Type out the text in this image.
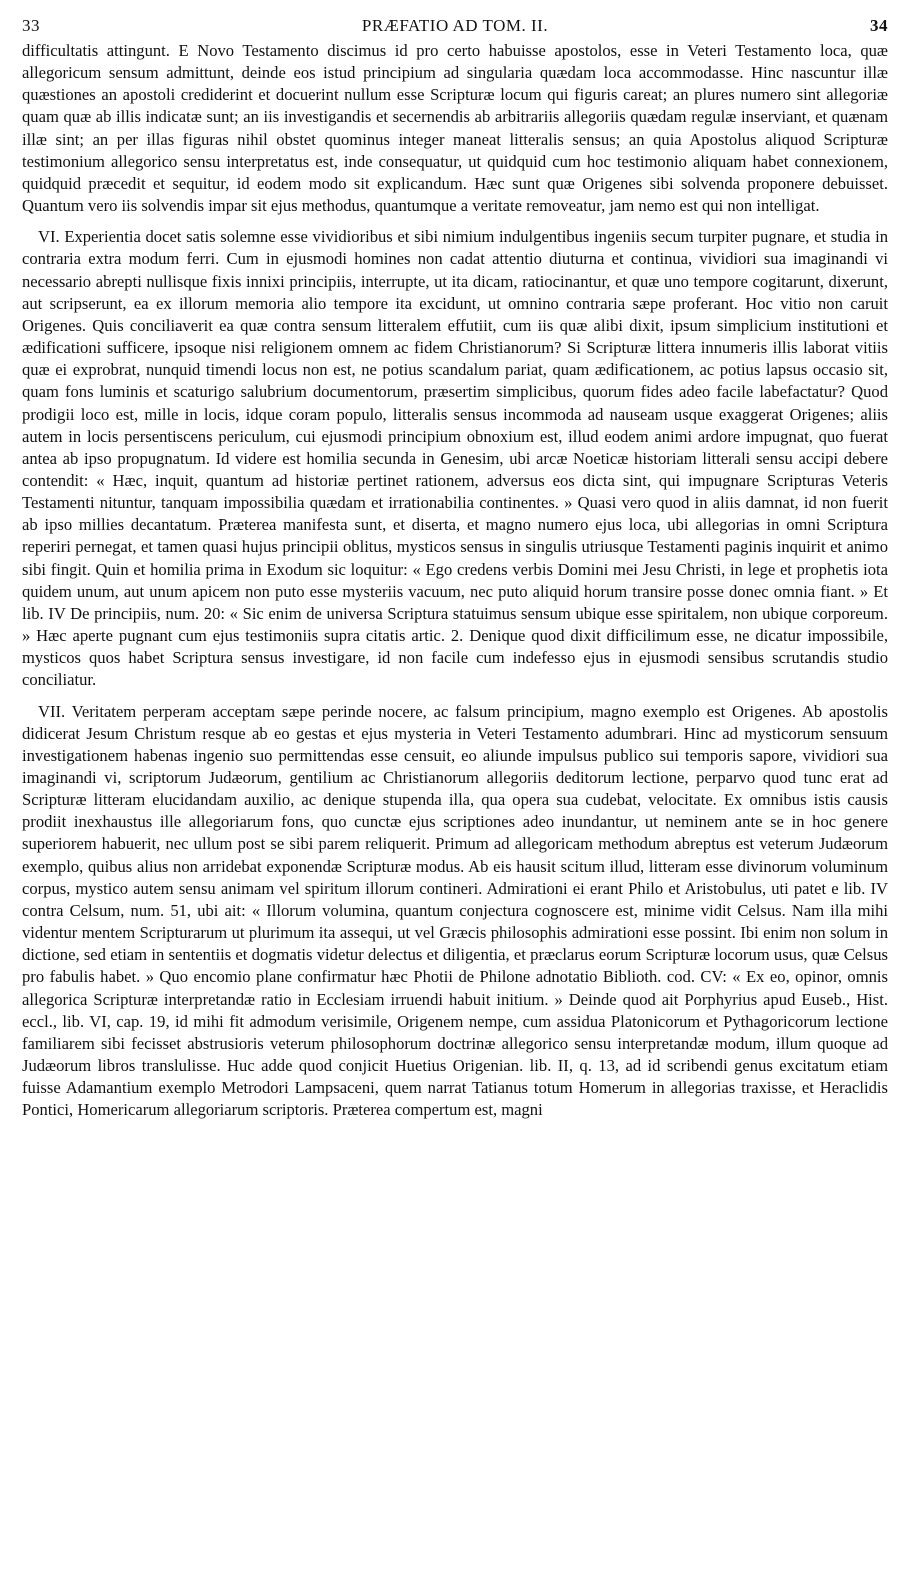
33	PRÆFATIO AD TOM. II.	34

difficultatis attingunt. E Novo Testamento discimus id pro certo habuisse apostolos, esse in Veteri Testamento loca, quæ allegoricum sensum admittunt, deinde eos istud principium ad singularia quædam loca accommodasse. Hinc nascuntur illæ quæstiones an apostoli crediderint et docuerint nullum esse Scripturæ locum qui figuris careat; an plures numero sint allegoriæ quam quæ ab illis indicatæ sunt; an iis investigandis et secernendis ab arbitrariis allegoriis quædam regulæ inserviant, et quænam illæ sint; an per illas figuras nihil obstet quominus integer maneat litteralis sensus; an quia Apostolus aliquod Scripturæ testimonium allegorico sensu interpretatus est, inde consequatur, ut quidquid cum hoc testimonio aliquam habet connexionem, quidquid præcedit et sequitur, id eodem modo sit explicandum. Hæc sunt quæ Origenes sibi solvenda proponere debuisset. Quantum vero iis solvendis impar sit ejus methodus, quantumque a veritate removeatur, jam nemo est qui non intelligat.

VI. Experientia docet satis solemne esse vividioribus et sibi nimium indulgentibus ingeniis secum turpiter pugnare, et studia in contraria extra modum ferri. Cum in ejusmodi homines non cadat attentio diuturna et continua, vividiori sua imaginandi vi necessario abrepti nullisque fixis innixi principiis, interrupte, ut ita dicam, ratiocinantur, et quæ uno tempore cogitarunt, dixerunt, aut scripserunt, ea ex illorum memoria alio tempore ita excidunt, ut omnino contraria sæpe proferant. Hoc vitio non caruit Origenes. Quis conciliaverit ea quæ contra sensum litteralem effutiit, cum iis quæ alibi dixit, ipsum simplicium institutioni et ædificationi sufficere, ipsoque nisi religionem omnem ac fidem Christianorum? Si Scripturæ littera innumeris illis laborat vitiis quæ ei exprobrat, nunquid timendi locus non est, ne potius scandalum pariat, quam ædificationem, ac potius lapsus occasio sit, quam fons luminis et scaturigo salubrium documentorum, præsertim simplicibus, quorum fides adeo facile labefactatur? Quod prodigii loco est, mille in locis, idque coram populo, litteralis sensus incommoda ad nauseam usque exaggerat Origenes; aliis autem in locis persentiscens periculum, cui ejusmodi principium obnoxium est, illud eodem animi ardore impugnat, quo fuerat antea ab ipso propugnatum. Id videre est homilia secunda in Genesim, ubi arcæ Noeticæ historiam litterali sensu accipi debere contendit: « Hæc, inquit, quantum ad historiæ pertinet rationem, adversus eos dicta sint, qui impugnare Scripturas Veteris Testamenti nituntur, tanquam impossibilia quædam et irrationabilia continentes. » Quasi vero quod in aliis damnat, id non fuerit ab ipso millies decantatum. Præterea manifesta sunt, et diserta, et magno numero ejus loca, ubi allegorias in omni Scriptura reperiri pernegat, et tamen quasi hujus principii oblitus, mysticos sensus in singulis utriusque Testamenti paginis inquirit et animo sibi fingit. Quin et homilia prima in Exodum sic loquitur: « Ego credens verbis Domini mei Jesu Christi, in lege et prophetis iota quidem unum, aut unum apicem non puto esse mysteriis vacuum, nec puto aliquid horum transire posse donec omnia fiant. » Et lib. IV De principiis, num. 20: « Sic enim de universa Scriptura statuimus sensum ubique esse spiritalem, non ubique corporeum. » Hæc aperte pugnant cum ejus testimoniis supra citatis artic. 2. Denique quod dixit difficilimum esse, ne dicatur impossibile, mysticos quos habet Scriptura sensus investigare, id non facile cum indefesso ejus in ejusmodi sensibus scrutandis studio conciliatur.

VII. Veritatem perperam acceptam sæpe perinde nocere, ac falsum principium, magno exemplo est Origenes. Ab apostolis didicerat Jesum Christum resque ab eo gestas et ejus mysteria in Veteri Testamento adumbrari. Hinc ad mysticorum sensuum investigationem habenas ingenio suo permittendas esse censuit, eo aliunde impulsus publico sui temporis sapore, vividiori sua imaginandi vi, scriptorum Judæorum, gentilium ac Christianorum allegoriis deditorum lectione, perparvo quod tunc erat ad Scripturæ litteram elucidandam auxilio, ac denique stupenda illa, qua opera sua cudebat, velocitate. Ex omnibus istis causis prodiit inexhaustus ille allegoriarum fons, quo cunctæ ejus scriptiones adeo inundantur, ut neminem ante se in hoc genere superiorem habuerit, nec ullum post se sibi parem reliquerit. Primum ad allegoricam methodum abreptus est veterum Judæorum exemplo, quibus alius non arridebat exponendæ Scripturæ modus. Ab eis hausit scitum illud, litteram esse divinorum voluminum corpus, mystico autem sensu animam vel spiritum illorum contineri. Admirationi ei erant Philo et Aristobulus, uti patet e lib. IV contra Celsum, num. 51, ubi ait: « Illorum volumina, quantum conjectura cognoscere est, minime vidit Celsus. Nam illa mihi videntur mentem Scripturarum ut plurimum ita assequi, ut vel Græcis philosophis admirationi esse possint. Ibi enim non solum in dictione, sed etiam in sententiis et dogmatis videtur delectus et diligentia, et præclarus eorum Scripturæ locorum usus, quæ Celsus pro fabulis habet. » Quo encomio plane confirmatur hæc Photii de Philone adnotatio Biblioth. cod. CV: « Ex eo, opinor, omnis allegorica Scripturæ interpretandæ ratio in Ecclesiam irruendi habuit initium. » Deinde quod ait Porphyrius apud Euseb., Hist. eccl., lib. VI, cap. 19, id mihi fit admodum verisimile, Origenem nempe, cum assidua Platonicorum et Pythagoricorum lectione familiarem sibi fecisset abstrusioris veterum philosophorum doctrinæ allegorico sensu interpretandæ modum, illum quoque ad Judæorum libros translulisse. Huc adde quod conjicit Huetius Origenian. lib. II, q. 13, ad id scribendi genus excitatum etiam fuisse Adamantium exemplo Metrodori Lampsaceni, quem narrat Tatianus totum Homerum in allegorias traxisse, et Heraclidis Pontici, Homericarum allegoriarum scriptoris. Præterea compertum est, magni
